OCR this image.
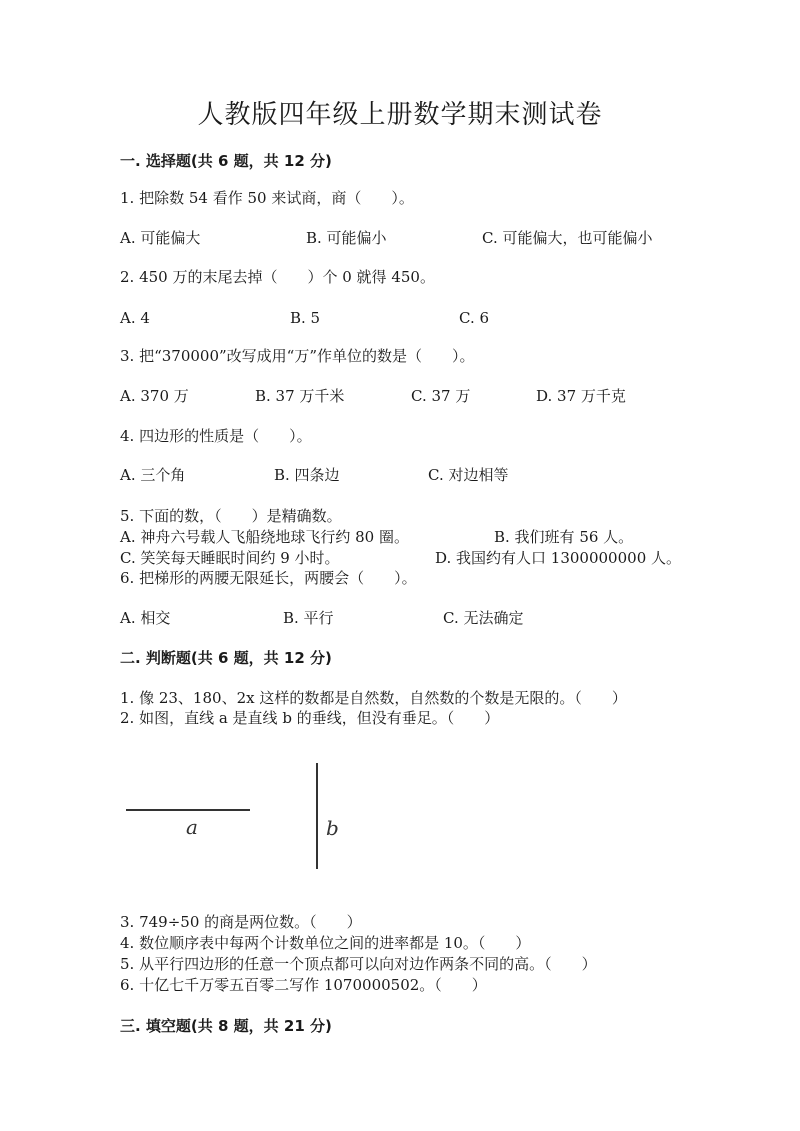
人教版四年级上册数学期末测试卷
一. 选择题(共 6 题，共 12 分)
1. 把除数 54 看作 50 来试商，商（　　）。
A. 可能偏大	B. 可能偏小	C. 可能偏大，也可能偏小
2. 450 万的末尾去掉（　　）个 0 就得 450。
A. 4	B. 5	C. 6
3. 把“370000”改写成用“万”作单位的数是（　　）。
A. 370 万	B. 37 万千米	C. 37 万	D. 37 万千克
4. 四边形的性质是（　　）。
A. 三个角	B. 四条边	C. 对边相等
5. 下面的数，（　　）是精确数。
A. 神舟六号载人飞船绕地球飞行约 80 圈。	B. 我们班有 56 人。
C. 笑笑每天睡眠时间约 9 小时。	D. 我国约有人口 1300000000 人。
6. 把梯形的两腰无限延长，两腰会（　　）。
A. 相交	B. 平行	C. 无法确定
二. 判断题(共 6 题，共 12 分)
1. 像 23、180、2x 这样的数都是自然数，自然数的个数是无限的。（　　）
2. 如图，直线 a 是直线 b 的垂线，但没有垂足。（　　）
a	b
3. 749÷50 的商是两位数。（　　）
4. 数位顺序表中每两个计数单位之间的进率都是 10。（　　）
5. 从平行四边形的任意一个顶点都可以向对边作两条不同的高。（　　）
6. 十亿七千万零五百零二写作 1070000502。（　　）
三. 填空题(共 8 题，共 21 分)
